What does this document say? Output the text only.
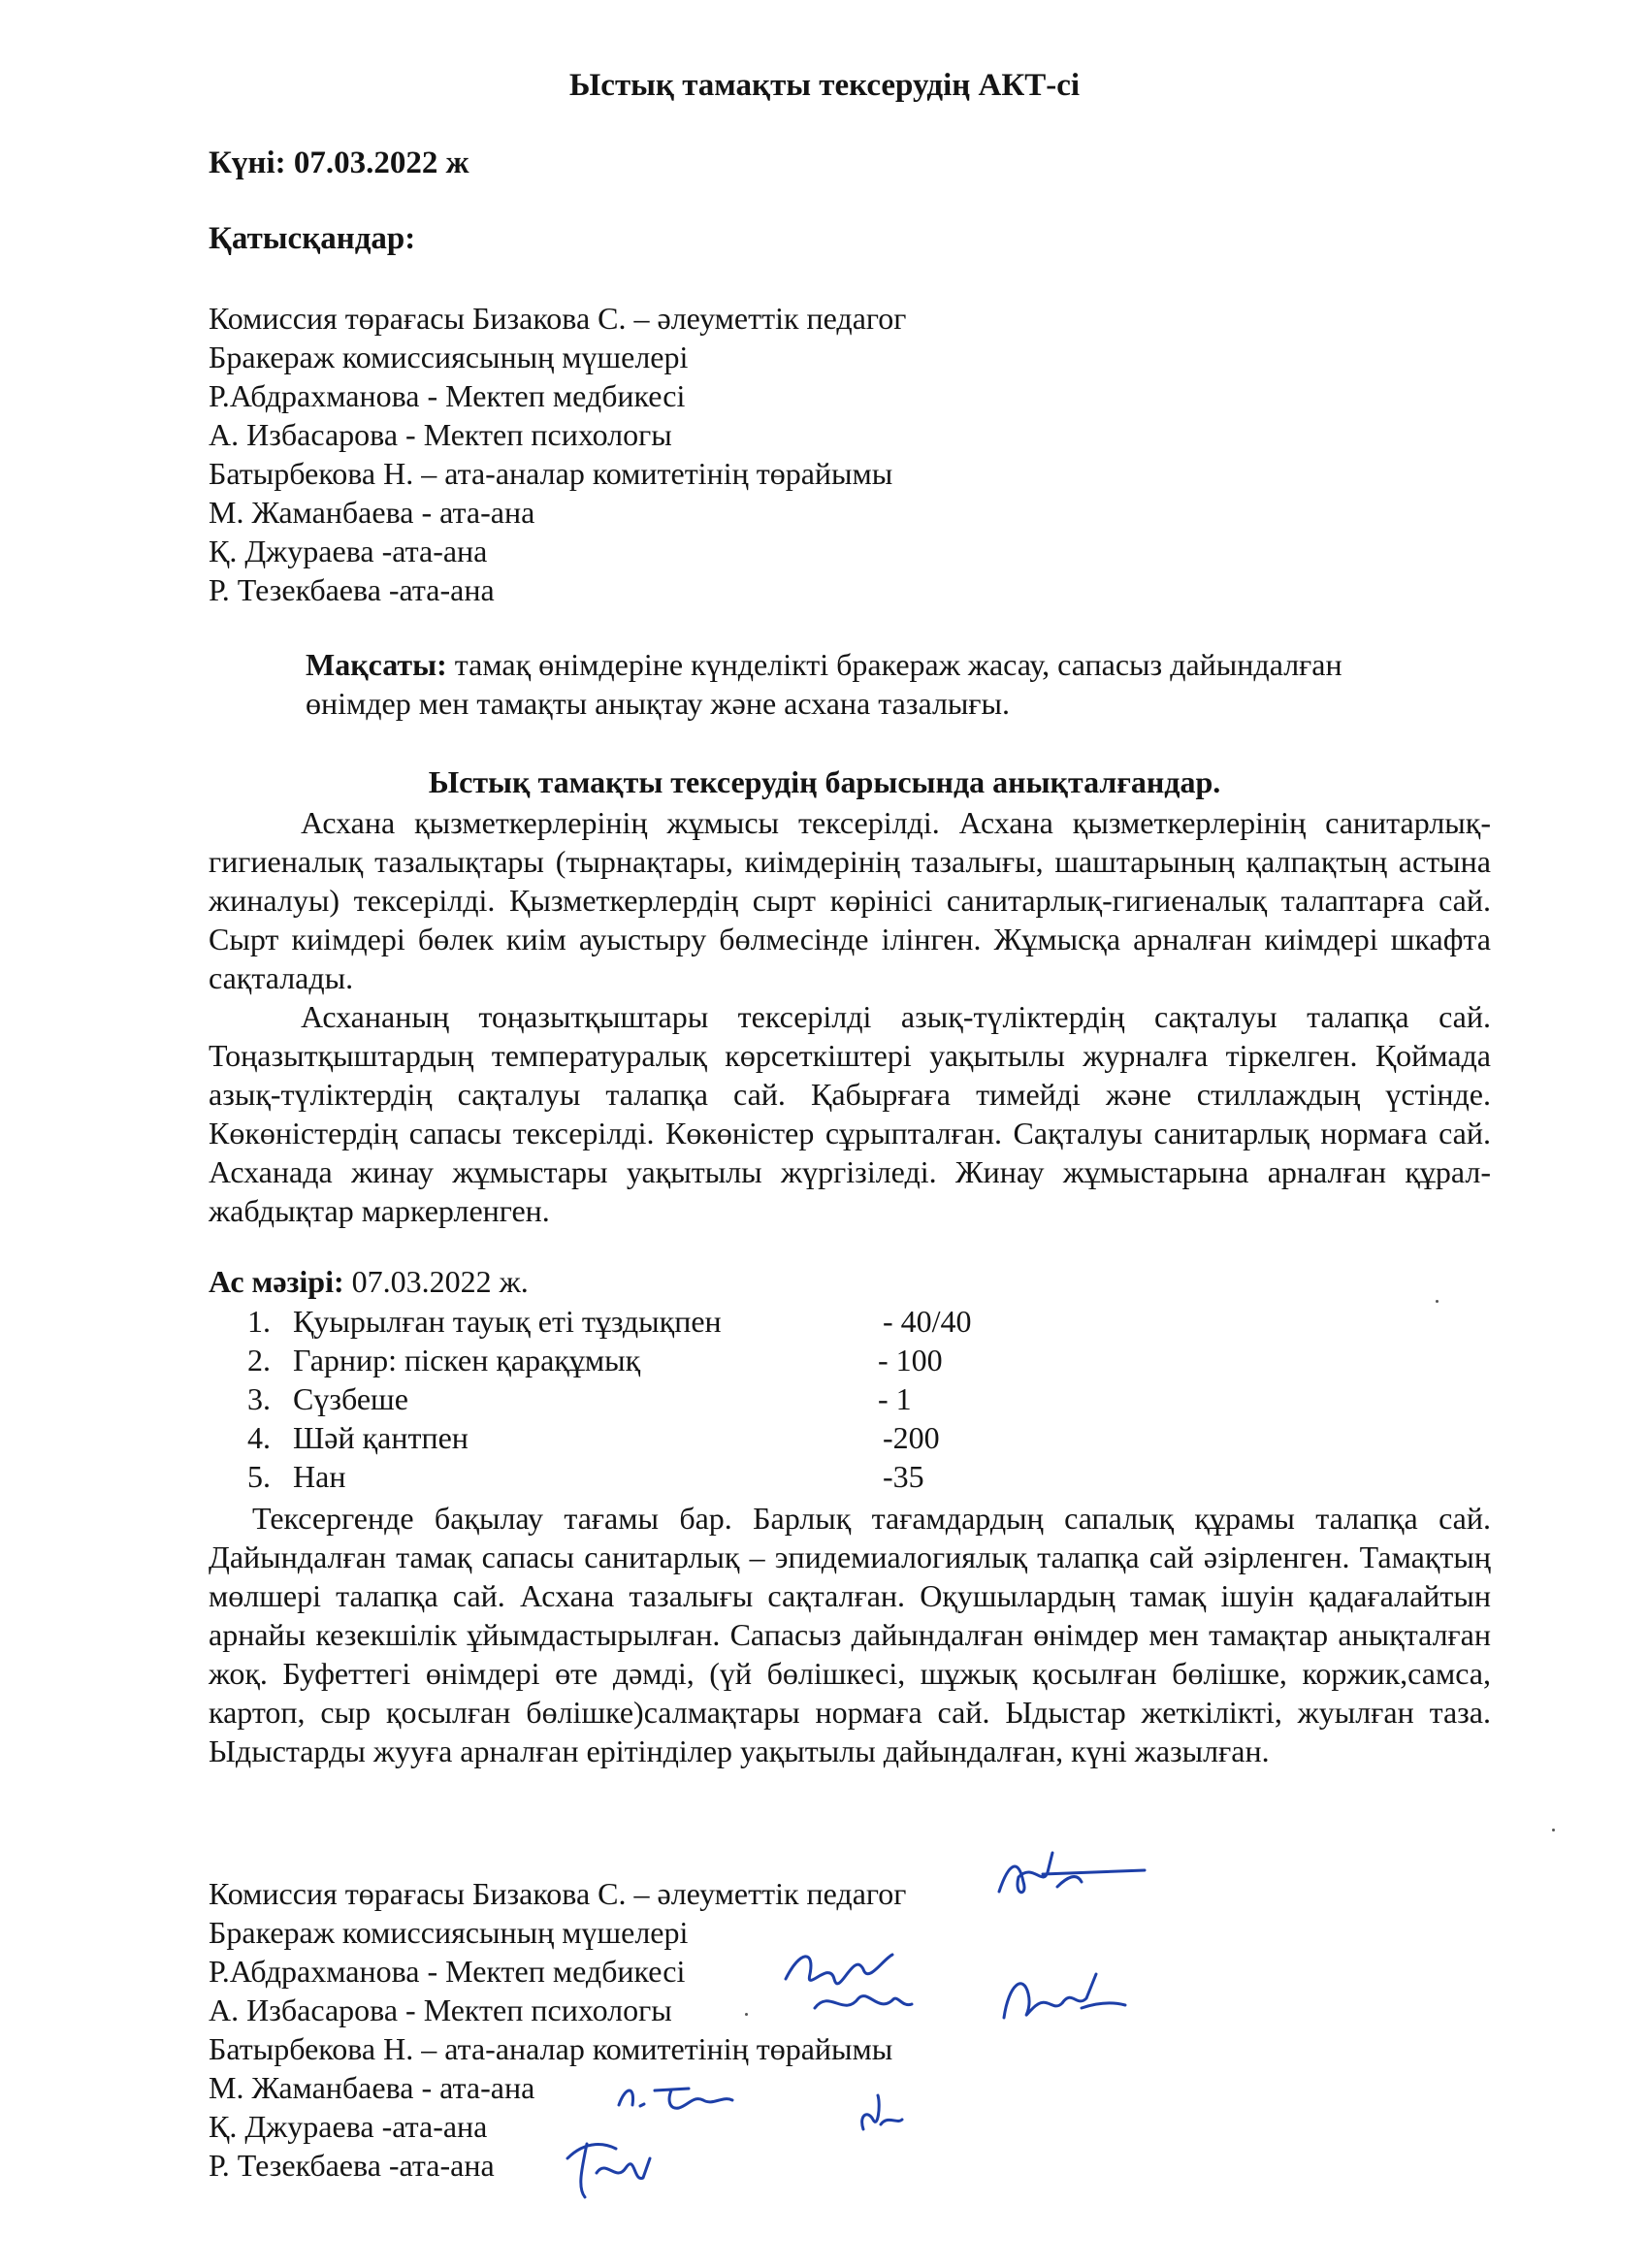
Ыстық тамақты тексерудің АКТ-сі
Күні: 07.03.2022 ж
Қатысқандар:
Комиссия төрағасы Бизакова С. – әлеуметтік педагог
Бракераж комиссиясының мүшелері
Р.Абдрахманова - Мектеп медбикесі
А. Избасарова - Мектеп психологы
Батырбекова Н. – ата-аналар комитетінің төрайымы
М. Жаманбаева - ата-ана
Қ. Джураева -ата-ана
Р. Тезекбаева -ата-ана
Мақсаты: тамақ өнімдеріне күнделікті бракераж жасау, сапасыз дайындалған өнімдер мен тамақты анықтау және асхана тазалығы.
Ыстық тамақты тексерудің барысында анықталғандар.

Асхана қызметкерлерінің жұмысы тексерілді. Асхана қызметкерлерінің санитарлық-гигиеналық тазалықтары (тырнақтары, киімдерінің тазалығы, шаштарының қалпақтың астына жиналуы) тексерілді. Қызметкерлердің сырт көрінісі санитарлық-гигиеналық талаптарға сай. Сырт киімдері бөлек киім ауыстыру бөлмесінде ілінген. Жұмысқа арналған киімдері шкафта сақталады.

Асхананың тоңазытқыштары тексерілді азық-түліктердің сақталуы талапқа сай. Тоңазытқыштардың температуралық көрсеткіштері уақытылы журналға тіркелген. Қоймада азық-түліктердің сақталуы талапқа сай. Қабырғаға тимейді және стиллаждың үстінде. Көкөністердің сапасы тексерілді. Көкөністер сұрыпталған. Сақталуы санитарлық нормаға сай. Асханада жинау жұмыстары уақытылы жүргізіледі. Жинау жұмыстарына арналған құрал-жабдықтар маркерленген.

Ас мәзірі: 07.03.2022 ж.
1. Қуырылған тауық еті тұздықпен	- 40/40
2. Гарнир: піскен қарақұмық	- 100
3. Сүзбеше	- 1
4. Шәй қантпен	-200
5. Нан	-35

Тексергенде бақылау тағамы бар. Барлық тағамдардың сапалық құрамы талапқа сай. Дайындалған тамақ сапасы санитарлық – эпидемиалогиялық талапқа сай әзірленген. Тамақтың мөлшері талапқа сай. Асхана тазалығы сақталған. Оқушылардың тамақ ішуін қадағалайтын арнайы кезекшілік ұйымдастырылған. Сапасыз дайындалған өнімдер мен тамақтар анықталған жоқ. Буфеттегі өнімдері өте дәмді, (үй бөлішкесі, шұжық қосылған бөлішке, коржик,самса, картоп, сыр қосылған бөлішке)салмақтары нормаға сай. Ыдыстар жеткілікті, жуылған таза. Ыдыстарды жууға арналған ерітінділер уақытылы дайындалған, күні жазылған.

Комиссия төрағасы Бизакова С. – әлеуметтік педагог
Бракераж комиссиясының мүшелері
Р.Абдрахманова - Мектеп медбикесі
А. Избасарова - Мектеп психологы
Батырбекова Н. – ата-аналар комитетінің төрайымы
М. Жаманбаева - ата-ана
Қ. Джураева -ата-ана
Р. Тезекбаева -ата-ана
